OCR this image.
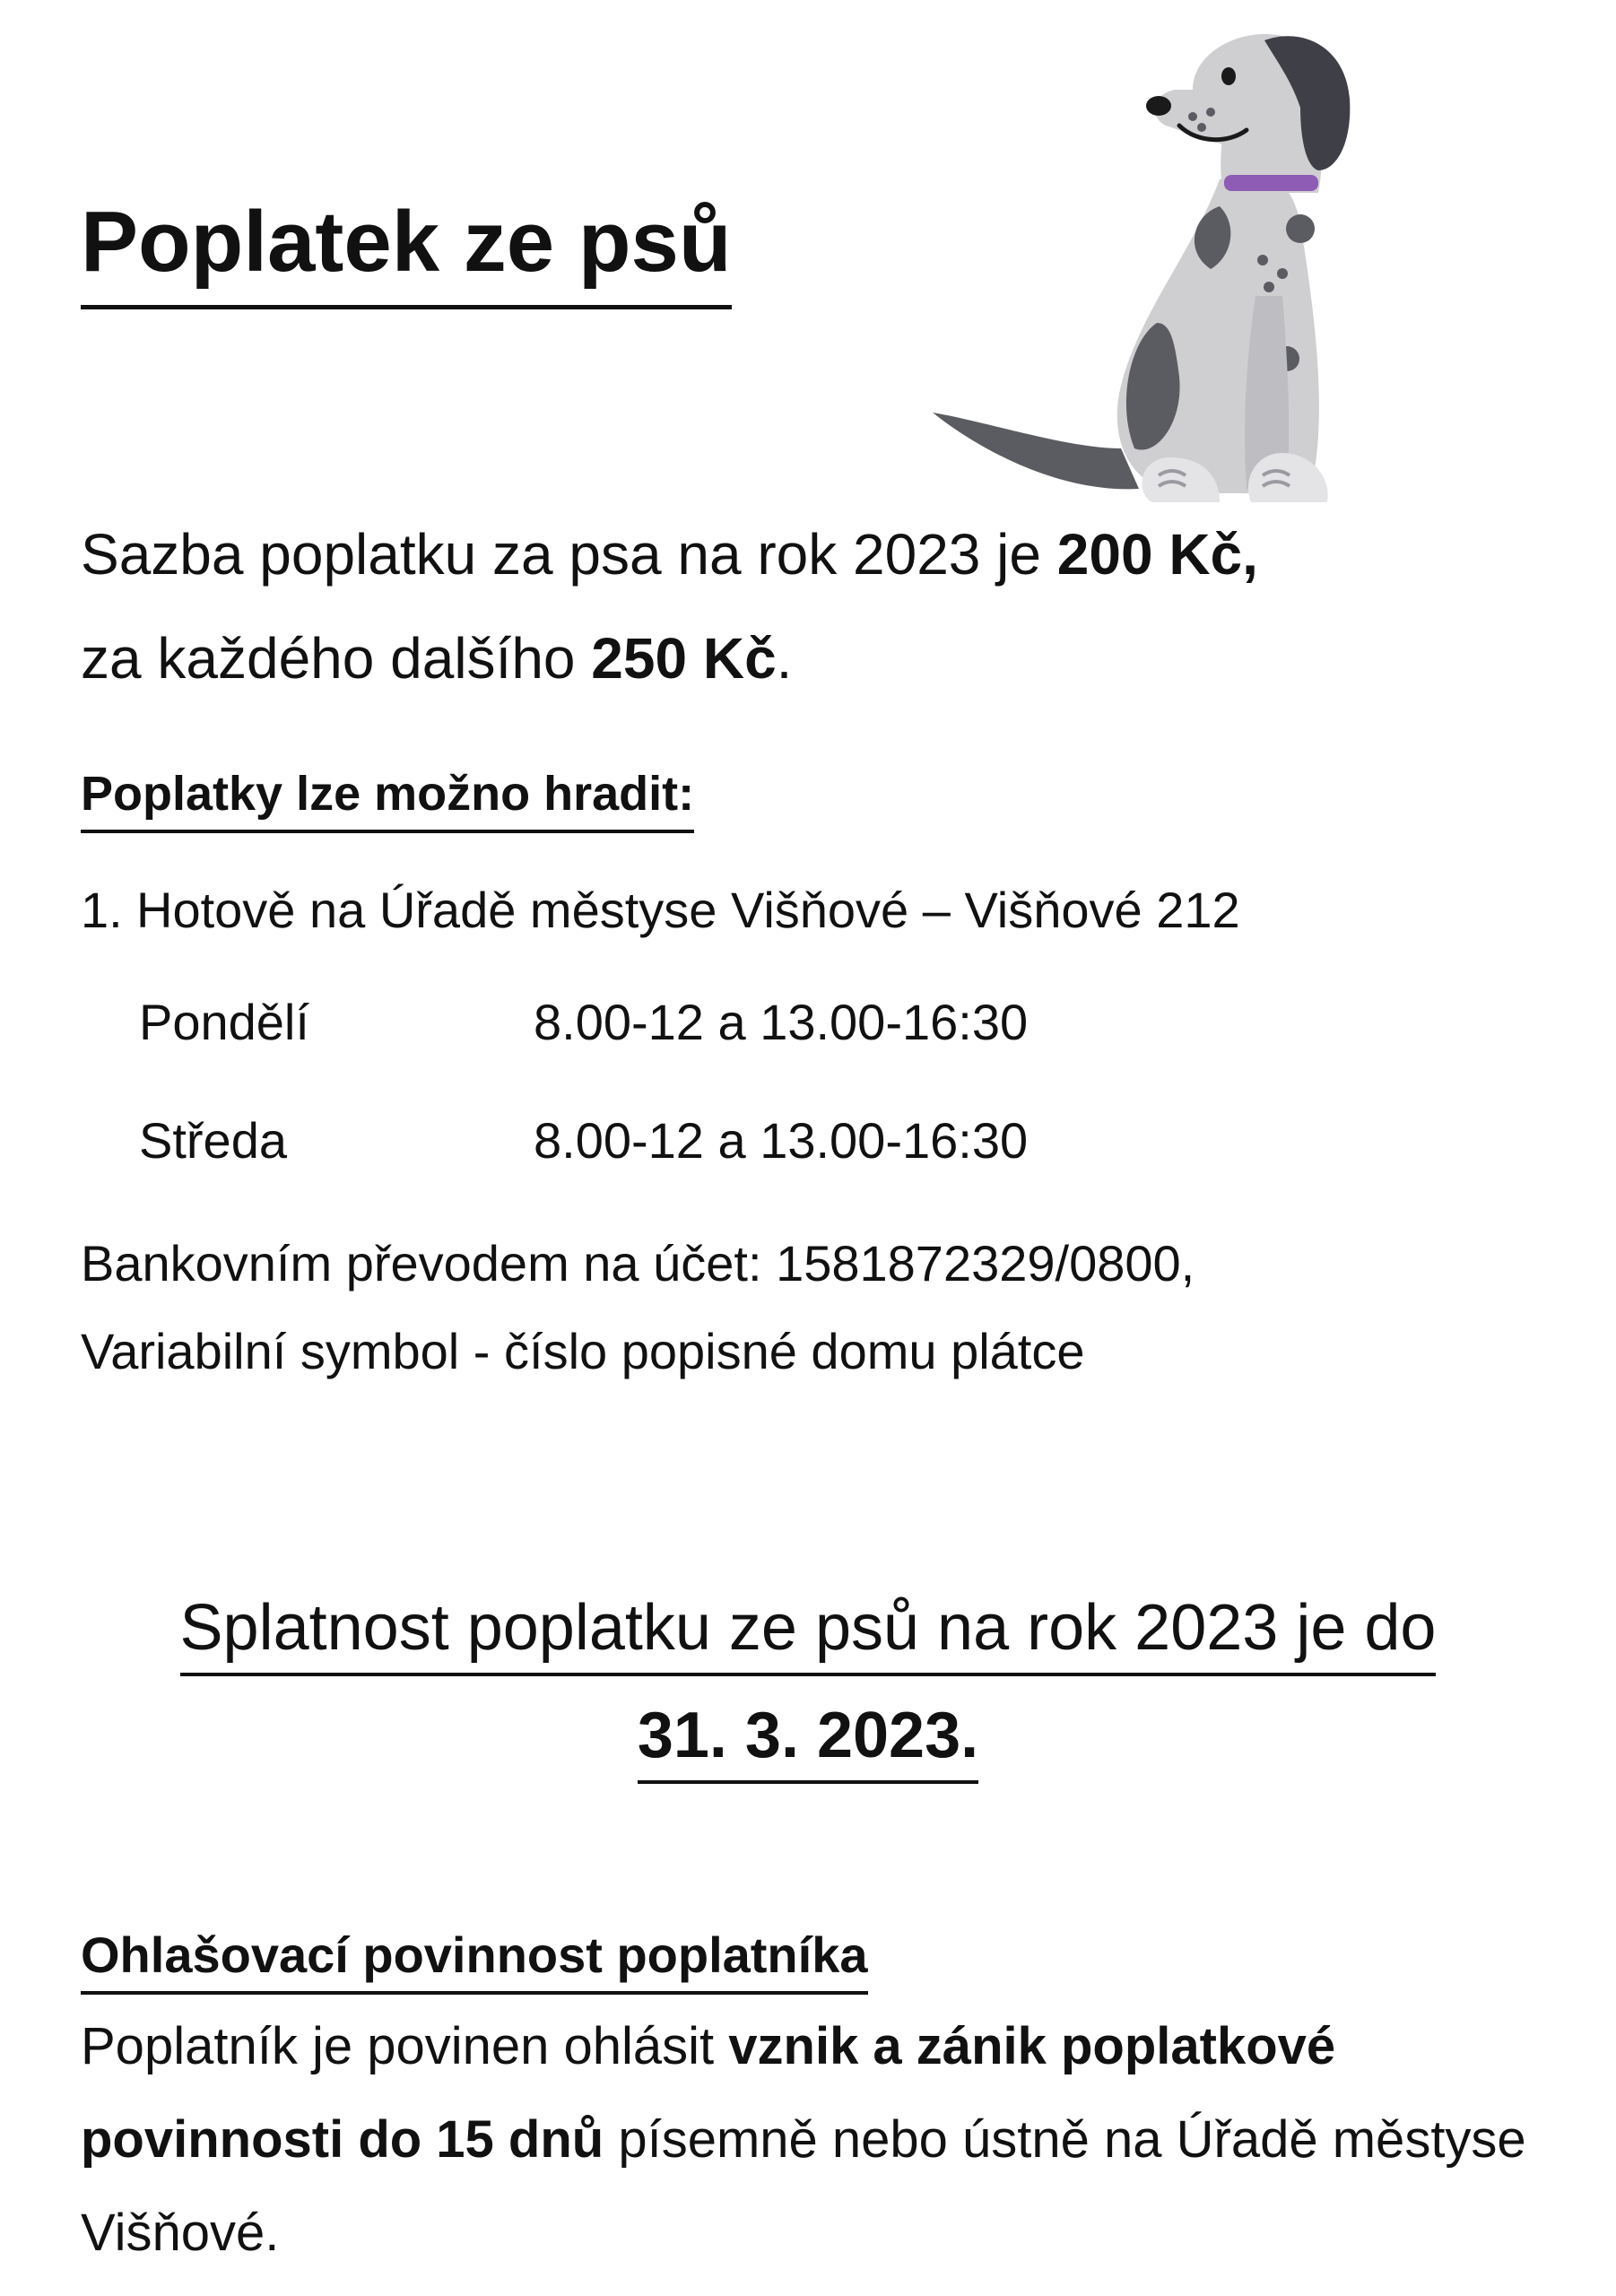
Poplatek ze psů
Sazba poplatku za psa na rok 2023 je 200 Kč,
za každého dalšího 250 Kč.
Poplatky lze možno hradit:
1. Hotově na Úřadě městyse Višňové – Višňové 212
Pondělí	8.00-12 a 13.00-16:30
Středa	8.00-12 a 13.00-16:30
Bankovním převodem na účet: 1581872329/0800,
Variabilní symbol - číslo popisné domu plátce
Splatnost poplatku ze psů na rok 2023 je do
31. 3. 2023.
Ohlašovací povinnost poplatníka
Poplatník je povinen ohlásit vznik a zánik poplatkové povinnosti do 15 dnů písemně nebo ústně na Úřadě městyse Višňové.
